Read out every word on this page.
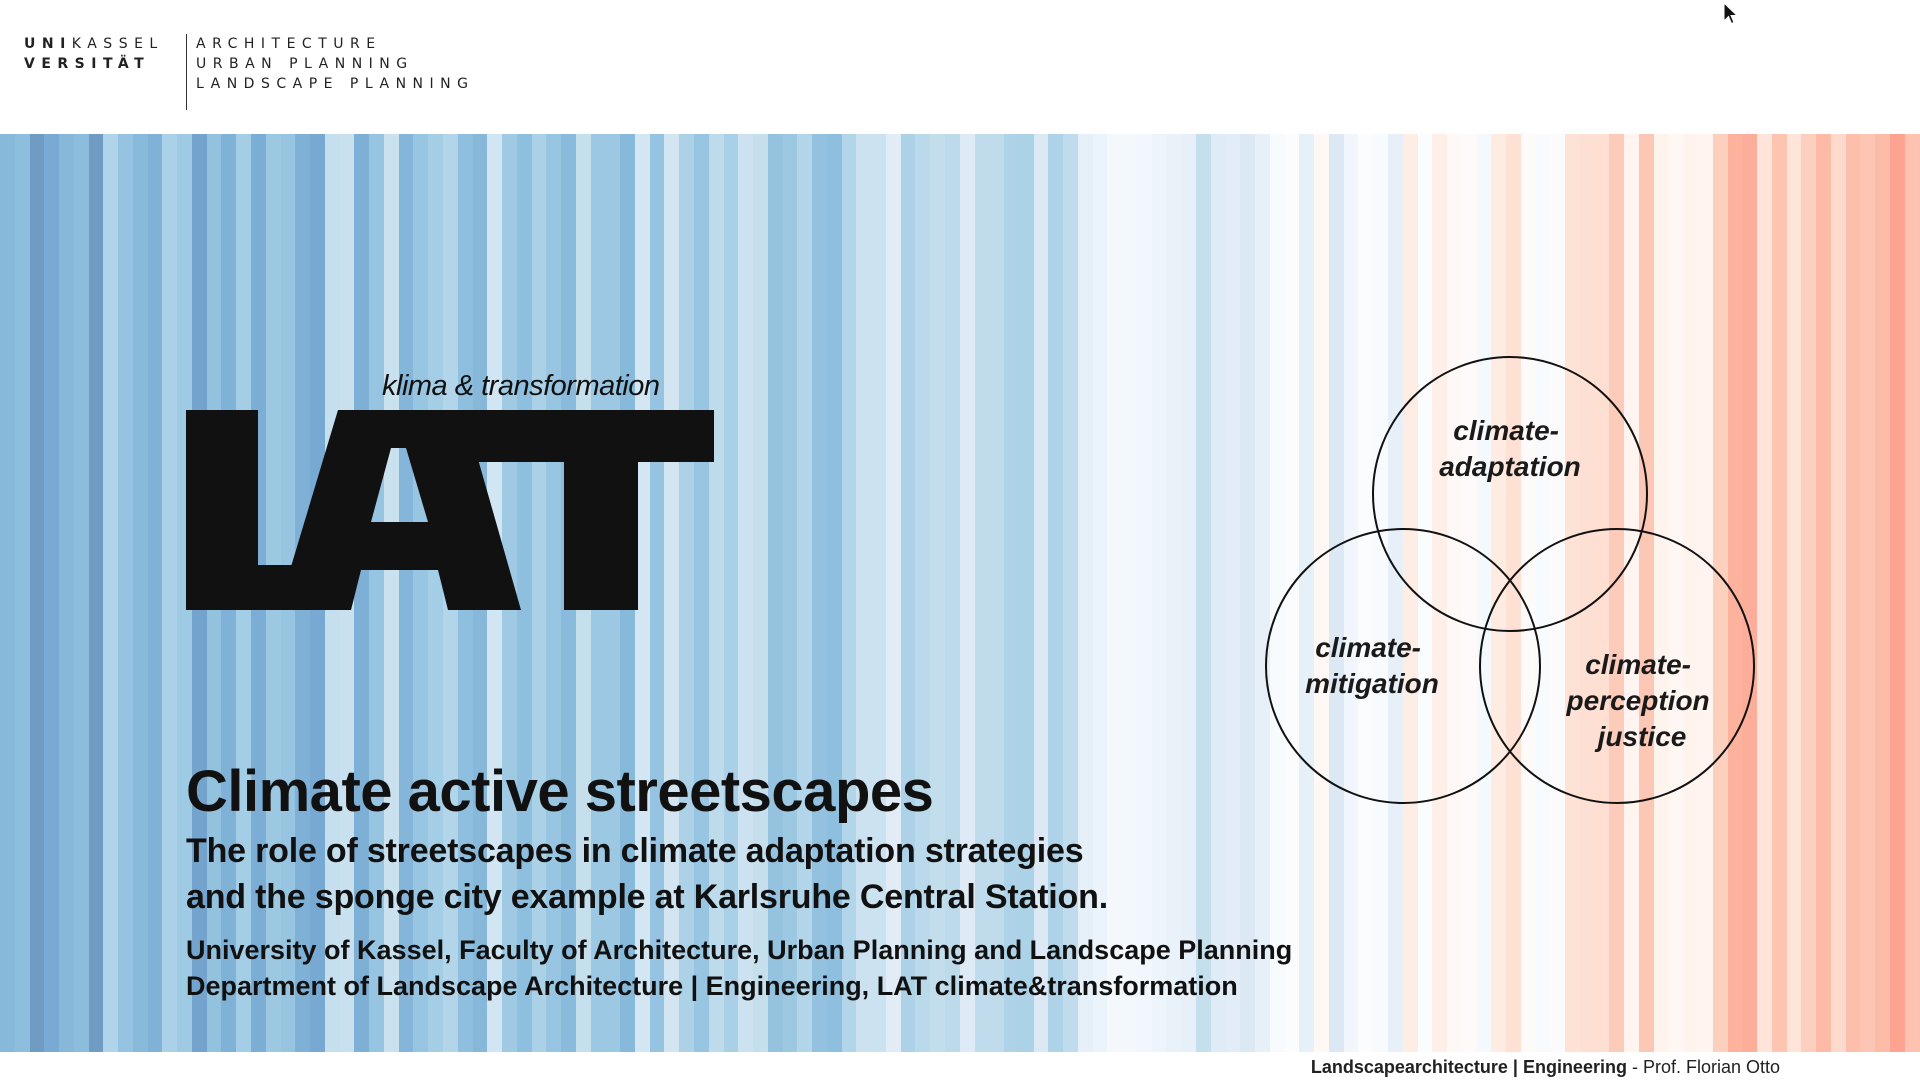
UNI KASSEL
VERSITÄT
ARCHITECTURE
URBAN PLANNING
LANDSCAPE PLANNING
klima & transformation
climate- adaptation
climate- mitigation
climate- perception justice
Climate active streetscapes
The role of streetscapes in climate adaptation strategies
and the sponge city example at Karlsruhe Central Station.
University of Kassel, Faculty of Architecture, Urban Planning and Landscape Planning
Department of Landscape Architecture | Engineering, LAT climate&transformation
Landscapearchitecture | Engineering - Prof. Florian Otto
